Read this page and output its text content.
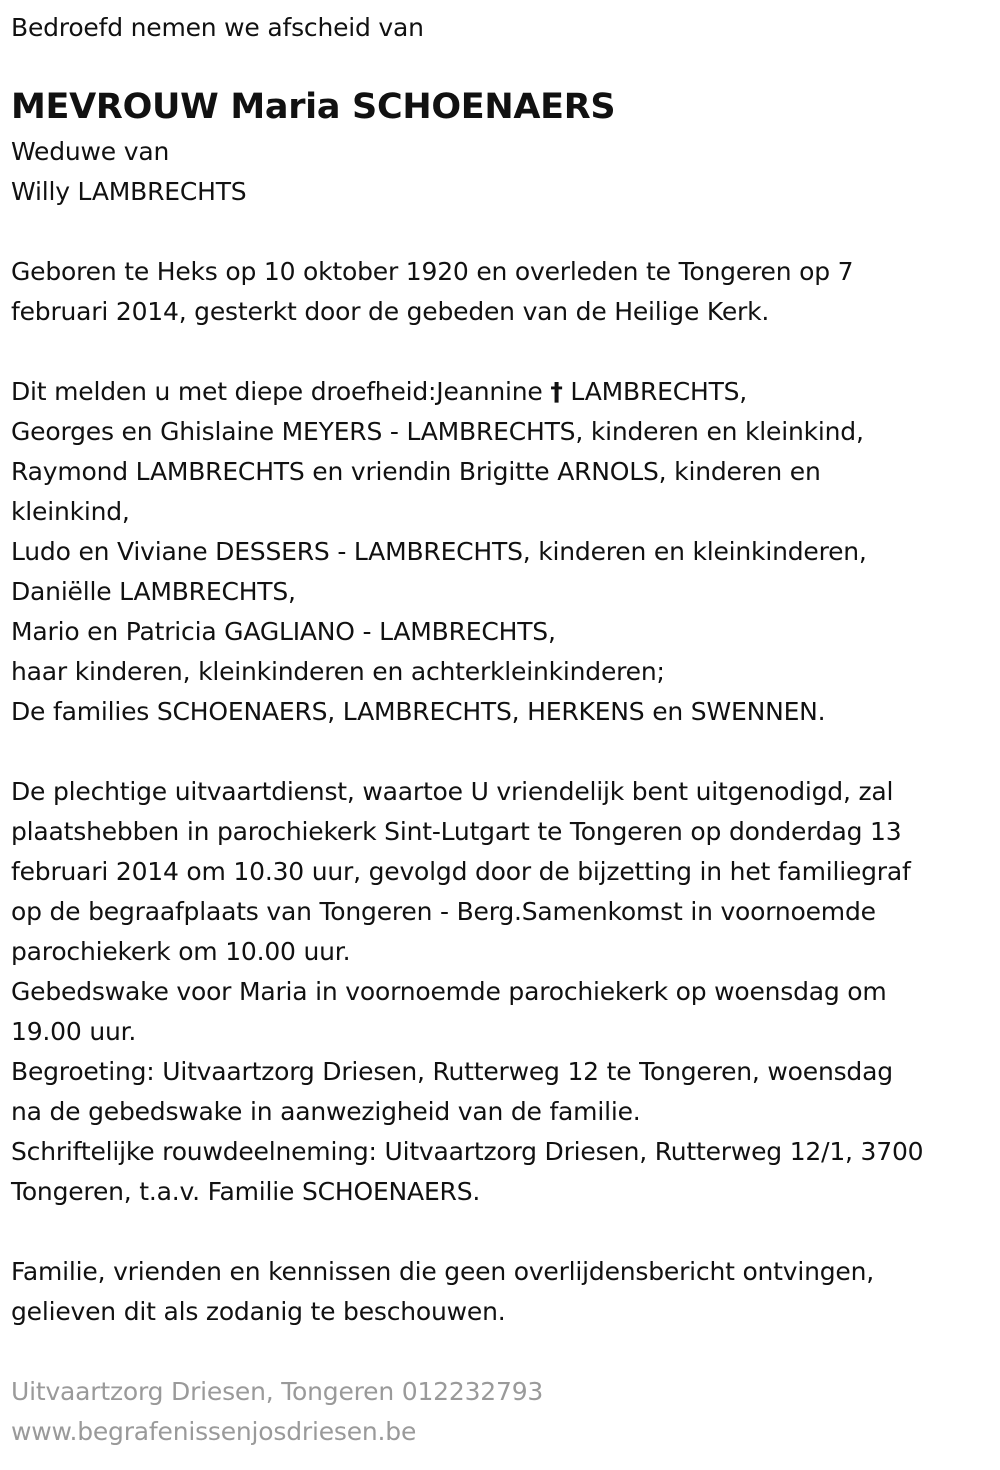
Bedroefd nemen we afscheid van
MEVROUW Maria SCHOENAERS
Weduwe van
Willy LAMBRECHTS
Geboren te Heks op 10 oktober 1920 en overleden te Tongeren op 7
februari 2014, gesterkt door de gebeden van de Heilige Kerk.
Dit melden u met diepe droefheid:Jeannine † LAMBRECHTS,
Georges en Ghislaine MEYERS - LAMBRECHTS, kinderen en kleinkind,
Raymond LAMBRECHTS en vriendin Brigitte ARNOLS, kinderen en
kleinkind,
Ludo en Viviane DESSERS - LAMBRECHTS, kinderen en kleinkinderen,
Daniëlle LAMBRECHTS,
Mario en Patricia GAGLIANO - LAMBRECHTS,
haar kinderen, kleinkinderen en achterkleinkinderen;
De families SCHOENAERS, LAMBRECHTS, HERKENS en SWENNEN.
De plechtige uitvaartdienst, waartoe U vriendelijk bent uitgenodigd, zal
plaatshebben in parochiekerk Sint-Lutgart te Tongeren op donderdag 13
februari 2014 om 10.30 uur, gevolgd door de bijzetting in het familiegraf
op de begraafplaats van Tongeren - Berg.Samenkomst in voornoemde
parochiekerk om 10.00 uur.
Gebedswake voor Maria in voornoemde parochiekerk op woensdag om
19.00 uur.
Begroeting: Uitvaartzorg Driesen, Rutterweg 12 te Tongeren, woensdag
na de gebedswake in aanwezigheid van de familie.
Schriftelijke rouwdeelneming: Uitvaartzorg Driesen, Rutterweg 12/1, 3700
Tongeren, t.a.v. Familie SCHOENAERS.
Familie, vrienden en kennissen die geen overlijdensbericht ontvingen,
gelieven dit als zodanig te beschouwen.
Uitvaartzorg Driesen, Tongeren 012232793
www.begrafenissenjosdriesen.be
